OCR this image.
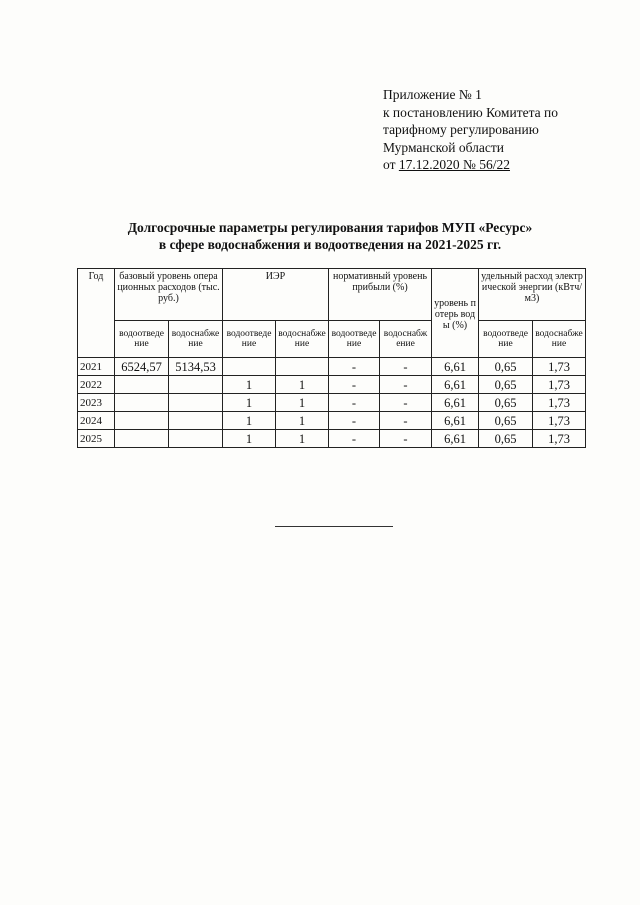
Приложение № 1
к постановлению Комитета по
тарифному регулированию
Мурманской области
от 17.12.2020 № 56/22
Долгосрочные параметры регулирования тарифов МУП «Ресурс»
в сфере водоснабжения и водоотведения на 2021-2025 гг.
Год	базовый уровень операционных расходов (тыс. руб.)		ИЭР		нормативный уровень прибыли (%)		уровень потерь воды (%)	удельный расход электрической энергии (кВтч/м3)	
	водоотведение	водоснабжение	водоотведение	водоснабжение	водоотведение	водоснабжение		водоотведение	водоснабжение
2021	6524,57	5134,53			-	-	6,61	0,65	1,73
2022			1	1	-	-	6,61	0,65	1,73
2023			1	1	-	-	6,61	0,65	1,73
2024			1	1	-	-	6,61	0,65	1,73
2025			1	1	-	-	6,61	0,65	1,73
